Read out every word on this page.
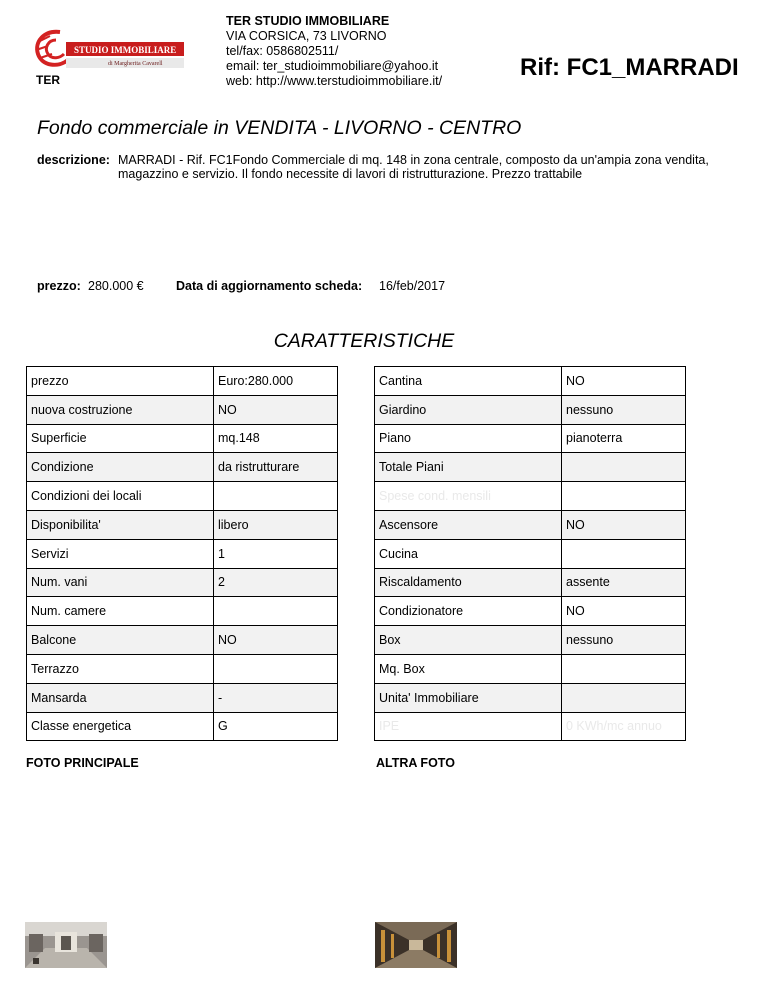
STUDIO IMMOBILIARE
di Margherita Cavarell
TER
TER STUDIO IMMOBILIARE
VIA CORSICA, 73 LIVORNO
tel/fax: 0586802511/
email: ter_studioimmobiliare@yahoo.it
web: http://www.terstudioimmobiliare.it/	Rif: FC1_MARRADI
Fondo commerciale in VENDITA - LIVORNO - CENTRO
descrizione: MARRADI - Rif. FC1Fondo Commerciale di mq. 148 in zona centrale, composto da un'ampia zona vendita, magazzino e servizio. Il fondo necessite di lavori di ristrutturazione. Prezzo trattabile
prezzo: 280.000 €	Data di aggiornamento scheda: 16/feb/2017
CARATTERISTICHE
prezzo	Euro:280.000
nuova costruzione	NO
Superficie	mq.148
Condizione	da ristrutturare
Condizioni dei locali	
Disponibilita'	libero
Servizi	1
Num. vani	2
Num. camere	
Balcone	NO
Terrazzo	
Mansarda	-
Classe energetica	G
Cantina	NO
Giardino	nessuno
Piano	pianoterra
Totale Piani	
Spese cond. mensili	
Ascensore	NO
Cucina	
Riscaldamento	assente
Condizionatore	NO
Box	nessuno
Mq. Box	
Unita' Immobiliare	
IPE	0 KWh/mc annuo
FOTO PRINCIPALE	ALTRA FOTO
